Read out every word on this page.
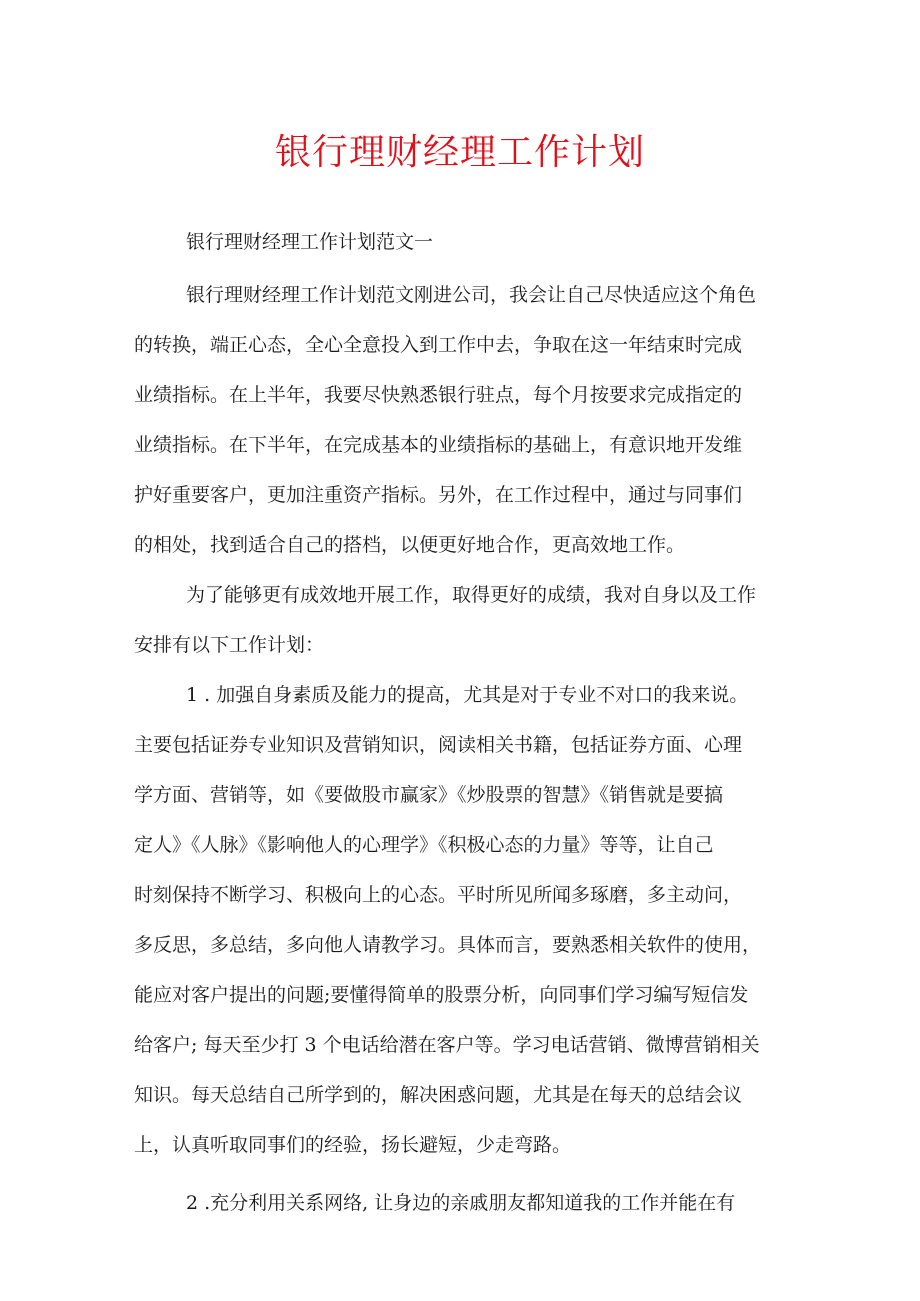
银行理财经理工作计划
银行理财经理工作计划范文一
银行理财经理工作计划范文刚进公司，我会让自己尽快适应这个角色
的转换，端正心态，全心全意投入到工作中去，争取在这一年结束时完成
业绩指标。在上半年，我要尽快熟悉银行驻点，每个月按要求完成指定的
业绩指标。在下半年，在完成基本的业绩指标的基础上，有意识地开发维
护好重要客户，更加注重资产指标。另外，在工作过程中，通过与同事们
的相处，找到适合自己的搭档，以便更好地合作，更高效地工作。
为了能够更有成效地开展工作，取得更好的成绩，我对自身以及工作
安排有以下工作计划：
1 . 加强自身素质及能力的提高，尤其是对于专业不对口的我来说。
主要包括证券专业知识及营销知识，阅读相关书籍，包括证券方面、心理
学方面、营销等，如《要做股市赢家》《炒股票的智慧》《销售就是要搞
定人》《人脉》《影响他人的心理学》《积极心态的力量》等等，让自己
时刻保持不断学习、积极向上的心态。平时所见所闻多琢磨，多主动问，
多反思，多总结，多向他人请教学习。具体而言，要熟悉相关软件的使用，
能应对客户提出的问题;要懂得简单的股票分析，向同事们学习编写短信发
给客户; 每天至少打 3 个电话给潜在客户等。学习电话营销、微博营销相关
知识。每天总结自己所学到的，解决困惑问题，尤其是在每天的总结会议
上，认真听取同事们的经验，扬长避短，少走弯路。
2 .充分利用关系网络, 让身边的亲戚朋友都知道我的工作并能在有
